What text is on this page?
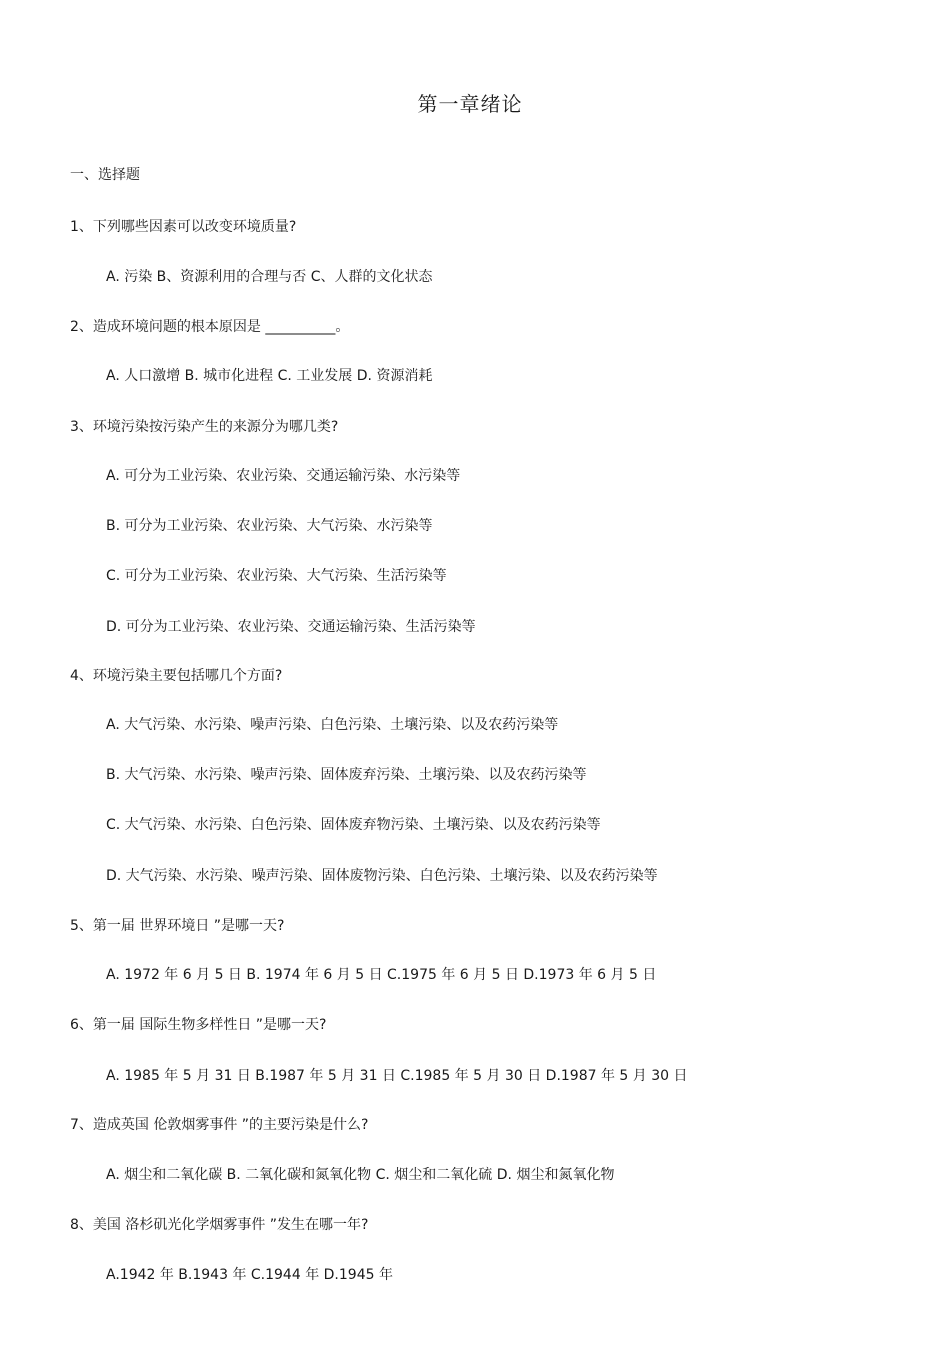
第一章绪论
一、选择题
1、下列哪些因素可以改变环境质量?
A. 污染 B、资源利用的合理与否 C、人群的文化状态
2、造成环境问题的根本原因是 __________。
A. 人口激增 B. 城市化进程 C. 工业发展 D. 资源消耗
3、环境污染按污染产生的来源分为哪几类?
A. 可分为工业污染、农业污染、交通运输污染、水污染等
B. 可分为工业污染、农业污染、大气污染、水污染等
C. 可分为工业污染、农业污染、大气污染、生活污染等
D. 可分为工业污染、农业污染、交通运输污染、生活污染等
4、环境污染主要包括哪几个方面?
A. 大气污染、水污染、噪声污染、白色污染、土壤污染、以及农药污染等
B. 大气污染、水污染、噪声污染、固体废弃污染、土壤污染、以及农药污染等
C. 大气污染、水污染、白色污染、固体废弃物污染、土壤污染、以及农药污染等
D. 大气污染、水污染、噪声污染、固体废物污染、白色污染、土壤污染、以及农药污染等
5、第一届 世界环境日 ”是哪一天?
A. 1972 年 6 月 5 日 B. 1974 年 6 月 5 日 C.1975 年 6 月 5 日 D.1973 年 6 月 5 日
6、第一届 国际生物多样性日 ”是哪一天?
A. 1985 年 5 月 31 日 B.1987 年 5 月 31 日 C.1985 年 5 月 30 日 D.1987 年 5 月 30 日
7、造成英国 伦敦烟雾事件 ”的主要污染是什么?
A. 烟尘和二氧化碳 B. 二氧化碳和氮氧化物 C. 烟尘和二氧化硫 D. 烟尘和氮氧化物
8、美国 洛杉矶光化学烟雾事件 ”发生在哪一年?
A.1942 年 B.1943 年 C.1944 年 D.1945 年
